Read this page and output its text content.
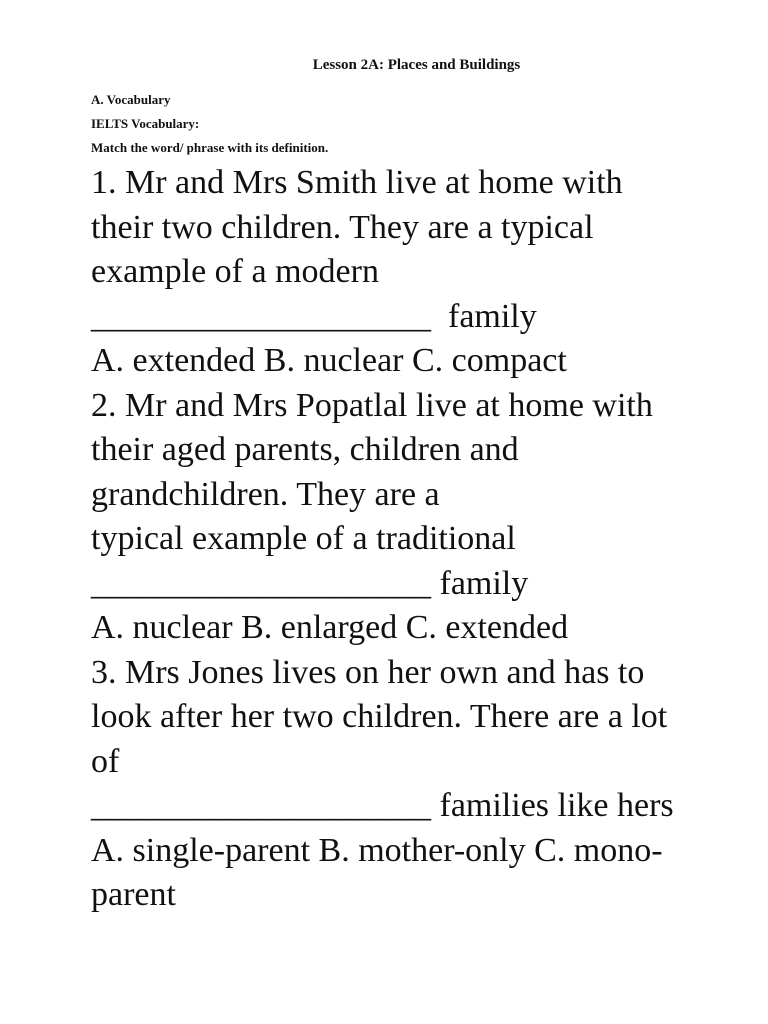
Lesson 2A: Places and Buildings
A. Vocabulary
IELTS Vocabulary:
Match the word/ phrase with its definition.
1. Mr and Mrs Smith live at home with
their two children. They are a typical
example of a modern
____________________  family
A. extended B. nuclear C. compact
2. Mr and Mrs Popatlal live at home with
their aged parents, children and
grandchildren. They are a
typical example of a traditional
____________________ family
A. nuclear B. enlarged C. extended
3. Mrs Jones lives on her own and has to
look after her two children. There are a lot
of
____________________ families like hers
A. single-parent B. mother-only C. mono-
parent
